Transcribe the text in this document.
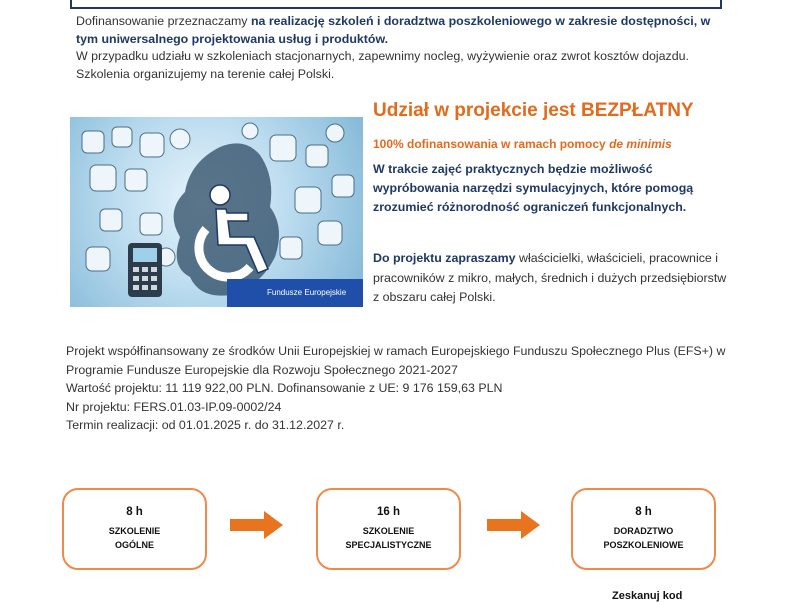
Dofinansowanie przeznaczamy na realizację szkoleń i doradztwa poszkoleniowego w zakresie dostępności, w tym uniwersalnego projektowania usług i produktów.

W przypadku udziału w szkoleniach stacjonarnych, zapewnimy nocleg, wyżywienie oraz zwrot kosztów dojazdu. Szkolenia organizujemy na terenie całej Polski.

Fundusze Europejskie
Udział w projekcie jest BEZPŁATNY
100% dofinansowania w ramach pomocy de minimis

W trakcie zajęć praktycznych będzie możliwość wypróbowania narzędzi symulacyjnych, które pomogą zrozumieć różnorodność ograniczeń funkcjonalnych.

Do projektu zapraszamy właścicielki, właścicieli, pracownice i pracowników z mikro, małych, średnich i dużych przedsiębiorstw z obszaru całej Polski.

Projekt współfinansowany ze środków Unii Europejskiej w ramach Europejskiego Funduszu Społecznego Plus (EFS+) w Programie Fundusze Europejskie dla Rozwoju Społecznego 2021-2027

Wartość projektu: 11 119 922,00 PLN. Dofinansowanie z UE: 9 176 159,63 PLN

Nr projektu: FERS.01.03-IP.09-0002/24

Termin realizacji: od 01.01.2025 r. do 31.12.2027 r.

8 h
SZKOLENIE
OGÓLNE
16 h
SZKOLENIE
SPECJALISTYCZNE
8 h
DORADZTWO
POSZKOLENIOWE
Zeskanuj kod
